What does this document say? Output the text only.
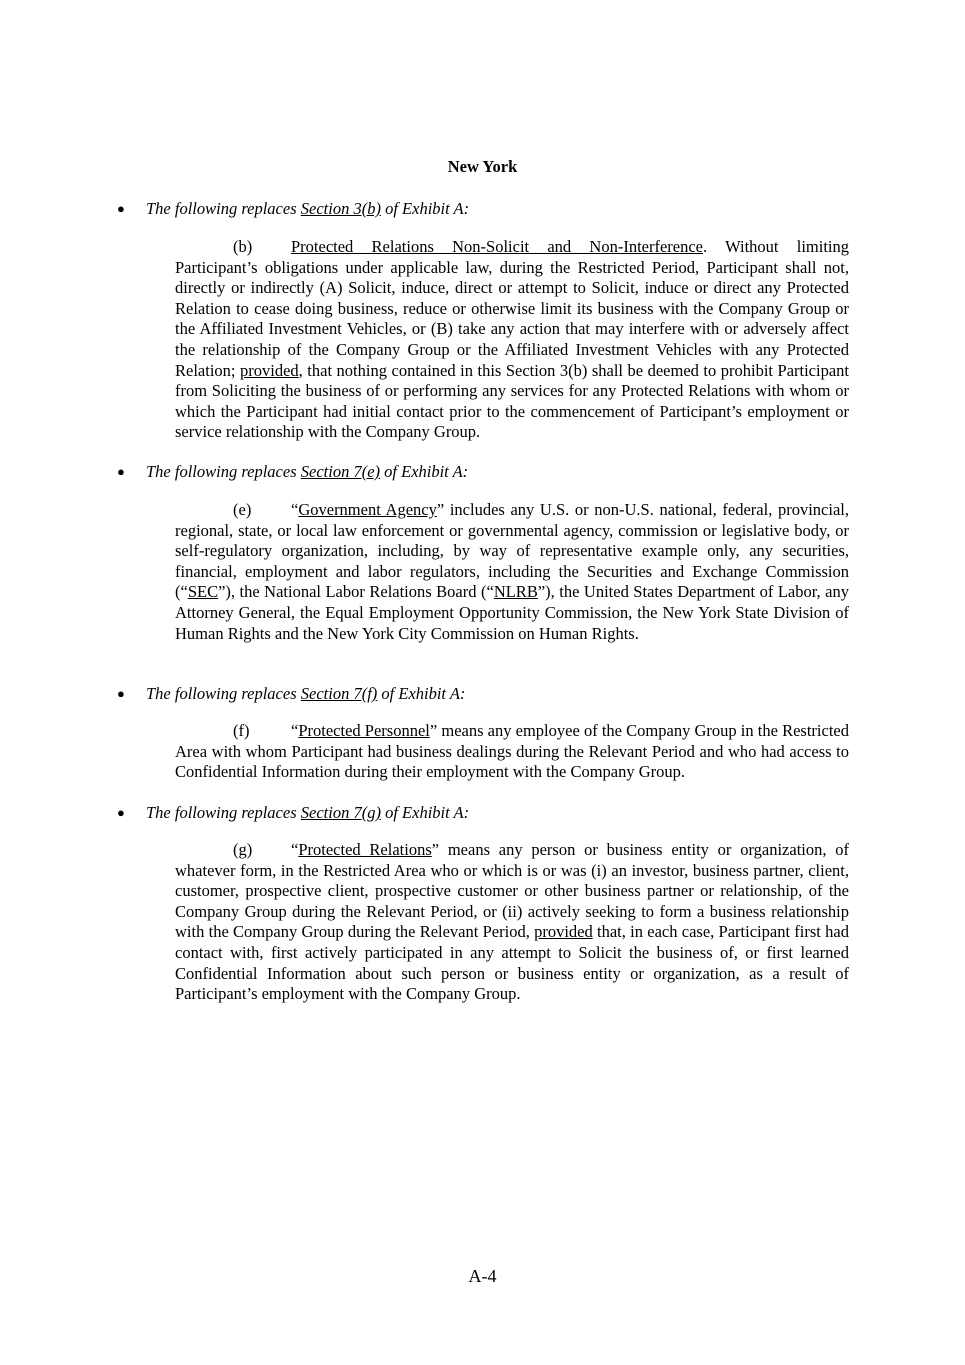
New York
● The following replaces Section 3(b) of Exhibit A:
(b) Protected Relations Non-Solicit and Non-Interference. Without limiting Participant’s obligations under applicable law, during the Restricted Period, Participant shall not, directly or indirectly (A) Solicit, induce, direct or attempt to Solicit, induce or direct any Protected Relation to cease doing business, reduce or otherwise limit its business with the Company Group or the Affiliated Investment Vehicles, or (B) take any action that may interfere with or adversely affect the relationship of the Company Group or the Affiliated Investment Vehicles with any Protected Relation; provided, that nothing contained in this Section 3(b) shall be deemed to prohibit Participant from Soliciting the business of or performing any services for any Protected Relations with whom or which the Participant had initial contact prior to the commencement of Participant’s employment or service relationship with the Company Group.
● The following replaces Section 7(e) of Exhibit A:
(e) “Government Agency” includes any U.S. or non-U.S. national, federal, provincial, regional, state, or local law enforcement or governmental agency, commission or legislative body, or self-regulatory organization, including, by way of representative example only, any securities, financial, employment and labor regulators, including the Securities and Exchange Commission (“SEC”), the National Labor Relations Board (“NLRB”), the United States Department of Labor, any Attorney General, the Equal Employment Opportunity Commission, the New York State Division of Human Rights and the New York City Commission on Human Rights.
● The following replaces Section 7(f) of Exhibit A:
(f)	“Protected Personnel” means any employee of the Company Group in the Restricted Area with whom Participant had business dealings during the Relevant Period and who had access to Confidential Information during their employment with the Company Group.
● The following replaces Section 7(g) of Exhibit A:
(g) “Protected Relations” means any person or business entity or organization, of whatever form, in the Restricted Area who or which is or was (i) an investor, business partner, client, customer, prospective client, prospective customer or other business partner or relationship, of the Company Group during the Relevant Period, or (ii) actively seeking to form a business relationship with the Company Group during the Relevant Period, provided that, in each case, Participant first had contact with, first actively participated in any attempt to Solicit the business of, or first learned Confidential Information about such person or business entity or organization, as a result of Participant’s employment with the Company Group.
A-4
